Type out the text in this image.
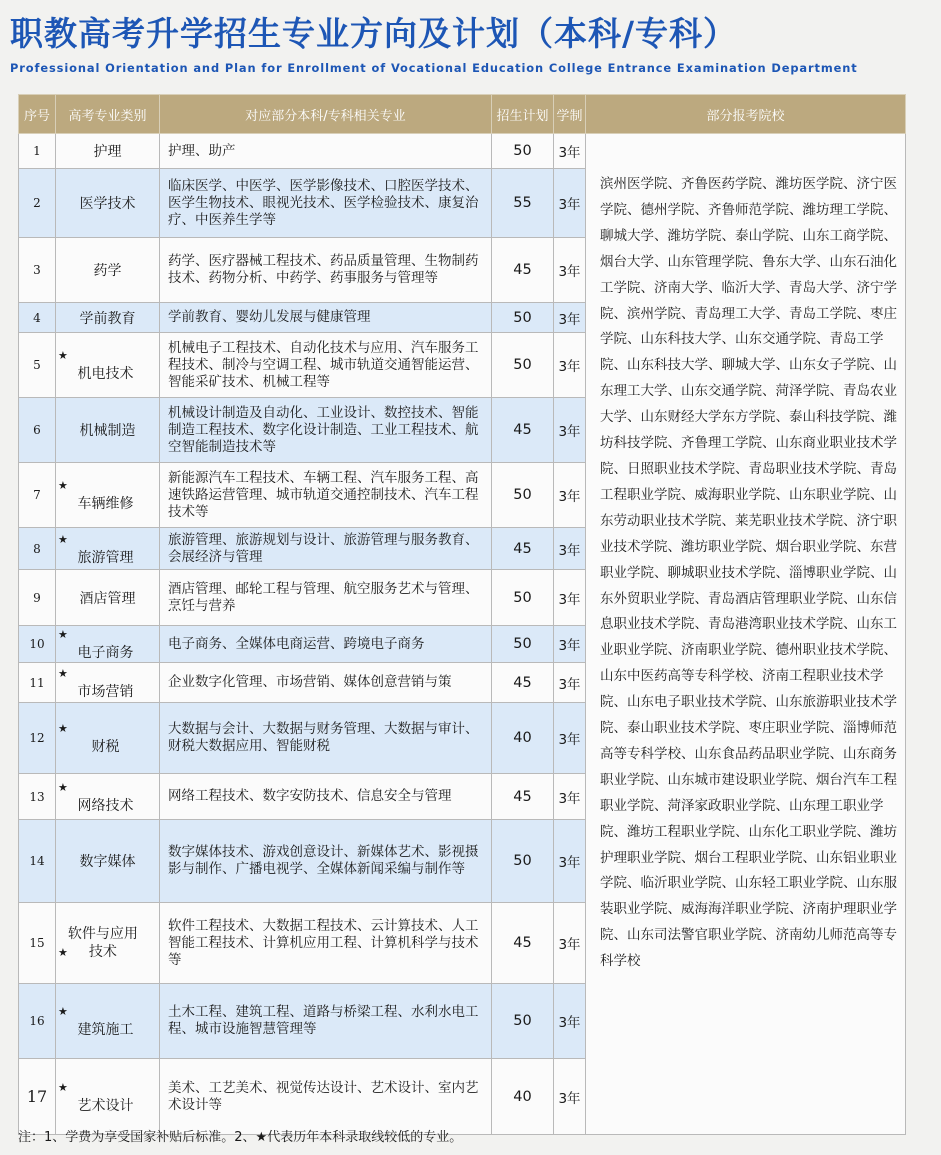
职教高考升学招生专业方向及计划（本科/专科）
Professional Orientation and Plan for Enrollment of Vocational Education College Entrance Examination Department
序号	高考专业类别	对应部分本科/专科相关专业	招生计划	学制	部分报考院校
1	护理	护理、助产	50	3年	滨州医学院、齐鲁医药学院、潍坊医学院、济宁医学院、德州学院、齐鲁师范学院、潍坊理工学院、聊城大学、潍坊学院、泰山学院、山东工商学院、烟台大学、山东管理学院、鲁东大学、山东石油化工学院、济南大学、临沂大学、青岛大学、济宁学院、滨州学院、青岛理工大学、青岛工学院、枣庄学院、山东科技大学、山东交通学院、青岛工学院、山东科技大学、聊城大学、山东女子学院、山东理工大学、山东交通学院、菏泽学院、青岛农业大学、山东财经大学东方学院、泰山科技学院、潍坊科技学院、齐鲁理工学院、山东商业职业技术学院、日照职业技术学院、青岛职业技术学院、青岛工程职业学院、威海职业学院、山东职业学院、山东劳动职业技术学院、莱芜职业技术学院、济宁职业技术学院、潍坊职业学院、烟台职业学院、东营职业学院、聊城职业技术学院、淄博职业学院、山东外贸职业学院、青岛酒店管理职业学院、山东信息职业技术学院、青岛港湾职业技术学院、山东工业职业学院、济南职业学院、德州职业技术学院、山东中医药高等专科学校、济南工程职业技术学院、山东电子职业技术学院、山东旅游职业技术学院、泰山职业技术学院、枣庄职业学院、淄博师范高等专科学校、山东食品药品职业学院、山东商务职业学院、山东城市建设职业学院、烟台汽车工程职业学院、菏泽家政职业学院、山东理工职业学院、潍坊工程职业学院、山东化工职业学院、潍坊护理职业学院、烟台工程职业学院、山东铝业职业学院、临沂职业学院、山东轻工职业学院、山东服装职业学院、威海海洋职业学院、济南护理职业学院、山东司法警官职业学院、济南幼儿师范高等专科学校
2	医学技术	临床医学、中医学、医学影像技术、口腔医学技术、医学生物技术、眼视光技术、医学检验技术、康复治疗、中医养生学等	55	3年	
3	药学	药学、医疗器械工程技术、药品质量管理、生物制药技术、药物分析、中药学、药事服务与管理等	45	3年	
4	学前教育	学前教育、婴幼儿发展与健康管理	50	3年	
5	★机电技术	机械电子工程技术、自动化技术与应用、汽车服务工程技术、制冷与空调工程、城市轨道交通智能运营、智能采矿技术、机械工程等	50	3年	
6	机械制造	机械设计制造及自动化、工业设计、数控技术、智能制造工程技术、数字化设计制造、工业工程技术、航空智能制造技术等	45	3年	
7	★车辆维修	新能源汽车工程技术、车辆工程、汽车服务工程、高速铁路运营管理、城市轨道交通控制技术、汽车工程技术等	50	3年	
8	★旅游管理	旅游管理、旅游规划与设计、旅游管理与服务教育、会展经济与管理	45	3年	
9	酒店管理	酒店管理、邮轮工程与管理、航空服务艺术与管理、烹饪与营养	50	3年	
10	★电子商务	电子商务、全媒体电商运营、跨境电子商务	50	3年	
11	★市场营销	企业数字化管理、市场营销、媒体创意营销与策	45	3年	
12	★财税	大数据与会计、大数据与财务管理、大数据与审计、财税大数据应用、智能财税	40	3年	
13	★网络技术	网络工程技术、数字安防技术、信息安全与管理	45	3年	
14	数字媒体	数字媒体技术、游戏创意设计、新媒体艺术、影视摄影与制作、广播电视学、全媒体新闻采编与制作等	50	3年	
15	★软件与应用技术	软件工程技术、大数据工程技术、云计算技术、人工智能工程技术、计算机应用工程、计算机科学与技术等	45	3年	
16	★建筑施工	土木工程、建筑工程、道路与桥梁工程、水利水电工程、城市设施智慧管理等	50	3年	
17	★艺术设计	美术、工艺美术、视觉传达设计、艺术设计、室内艺术设计等	40	3年	
注：1、学费为享受国家补贴后标准。2、★代表历年本科录取线较低的专业。
